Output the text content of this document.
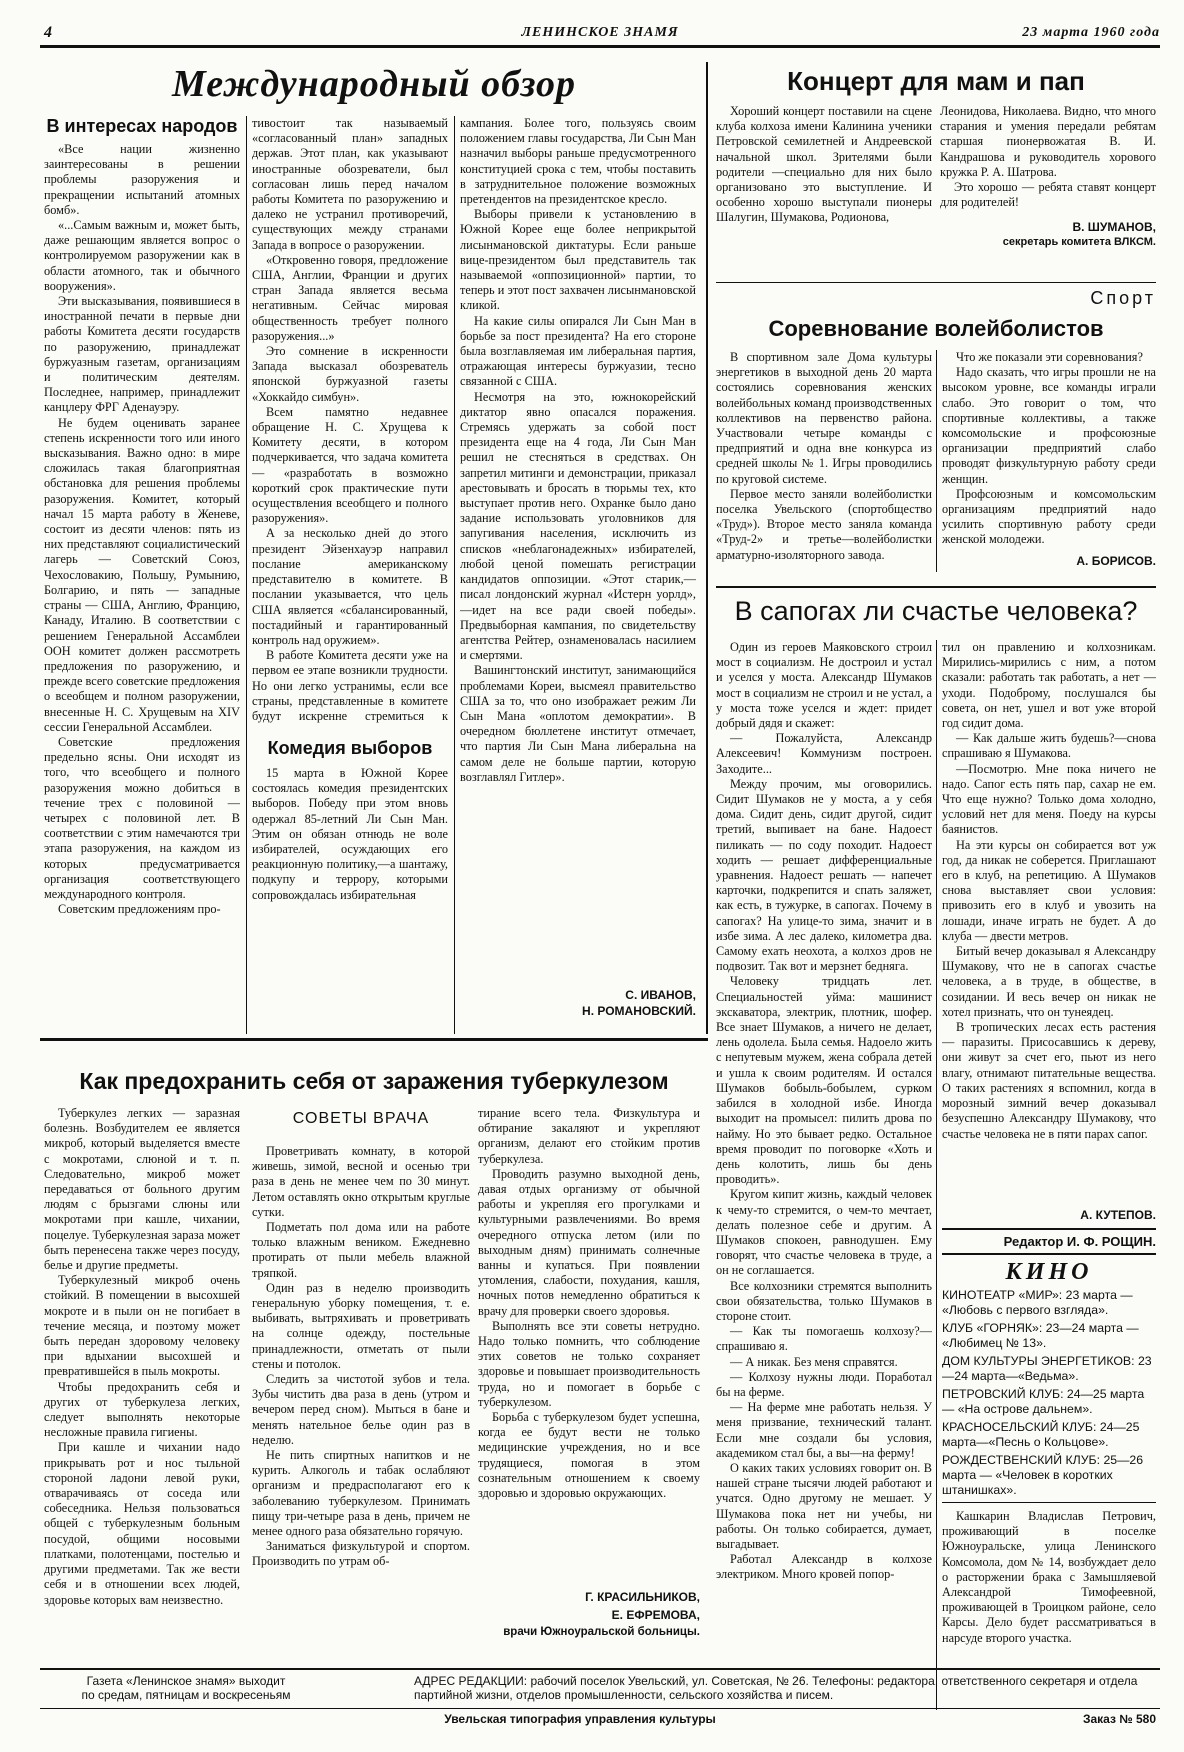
4	ЛЕНИНСКОЕ ЗНАМЯ	23 марта 1960 года
Международный обзор
В интересах народов

«Все нации жизненно заинтересованы в решении проблемы разоружения и прекращении испытаний атомных бомб».

«...Самым важным и, может быть, даже решающим является вопрос о контролируемом разоружении как в области атомного, так и обычного вооружения».

Эти высказывания, появившиеся в иностранной печати в первые дни работы Комитета десяти государств по разоружению, принадлежат буржуазным газетам, организациям и политическим деятелям. Последнее, например, принадлежит канцлеру ФРГ Аденауэру.

Не будем оценивать заранее степень искренности того или иного высказывания. Важно одно: в мире сложилась такая благоприятная обстановка для решения проблемы разоружения. Комитет, который начал 15 марта работу в Женеве, состоит из десяти членов: пять из них представляют социалистический лагерь — Советский Союз, Чехословакию, Польшу, Румынию, Болгарию, и пять — западные страны — США, Англию, Францию, Канаду, Италию. В соответствии с решением Генеральной Ассамблеи ООН комитет должен рассмотреть предложения по разоружению, и прежде всего советские предложения о всеобщем и полном разоружении, внесенные Н. С. Хрущевым на XIV сессии Генеральной Ассамблеи.

Советские предложения предельно ясны. Они исходят из того, что всеобщего и полного разоружения можно добиться в течение трех с половиной — четырех с половиной лет. В соответствии с этим намечаются три этапа разоружения, на каждом из которых предусматривается организация соответствующего международного контроля.

Советским предложениям про-

тивостоит так называемый «согласованный план» западных держав. Этот план, как указывают иностранные обозреватели, был согласован лишь перед началом работы Комитета по разоружению и далеко не устранил противоречий, существующих между странами Запада в вопросе о разоружении.

«Откровенно говоря, предложение США, Англии, Франции и других стран Запада является весьма негативным. Сейчас мировая общественность требует полного разоружения...»

Это сомнение в искренности Запада высказал обозреватель японской буржуазной газеты «Хоккайдо симбун».

Всем памятно недавнее обращение Н. С. Хрущева к Комитету десяти, в котором подчеркивается, что задача комитета — «разработать в возможно короткий срок практические пути осуществления всеобщего и полного разоружения».

А за несколько дней до этого президент Эйзенхауэр направил послание американскому представителю в комитете. В послании указывается, что цель США является «сбалансированный, постадийный и гарантированный контроль над оружием».

В работе Комитета десяти уже на первом ее этапе возникли трудности. Но они легко устранимы, если все страны, представленные в комитете будут искренне стремиться к

Комедия выборов

15 марта в Южной Корее состоялась комедия президентских выборов. Победу при этом вновь одержал 85-летний Ли Сын Ман. Этим он обязан отнюдь не воле избирателей, осуждающих его реакционную политику,—а шантажу, подкупу и террору, которыми сопровождалась избирательная

кампания. Более того, пользуясь своим положением главы государства, Ли Сын Ман назначил выборы раньше предусмотренного конституцией срока с тем, чтобы поставить в затруднительное положение возможных претендентов на президентское кресло.

Выборы привели к установлению в Южной Корее еще более неприкрытой лисынмановской диктатуры. Если раньше вице-президентом был представитель так называемой «оппозиционной» партии, то теперь и этот пост захвачен лисынмановской кликой.

На какие силы опирался Ли Сын Ман в борьбе за пост президента? На его стороне была возглавляемая им либеральная партия, отражающая интересы буржуазии, тесно связанной с США.

Несмотря на это, южнокорейский диктатор явно опасался поражения. Стремясь удержать за собой пост президента еще на 4 года, Ли Сын Ман решил не стесняться в средствах. Он запретил митинги и демонстрации, приказал арестовывать и бросать в тюрьмы тех, кто выступает против него. Охранке было дано задание использовать уголовников для запугивания населения, исключить из списков «неблагонадежных» избирателей, любой ценой помешать регистрации кандидатов оппозиции. «Этот старик,—писал лондонский журнал «Истерн уорлд»,—идет на все ради своей победы». Предвыборная кампания, по свидетельству агентства Рейтер, ознаменовалась насилием и смертями.

Вашингтонский институт, занимающийся проблемами Кореи, высмеял правительство США за то, что оно изображает режим Ли Сын Мана «оплотом демократии». В очередном бюллетене институт отмечает, что партия Ли Сын Мана либеральна на самом деле не больше партии, которую возглавлял Гитлер».

С. ИВАНОВ,
Н. РОМАНОВСКИЙ.
Концерт для мам и пап

Хороший концерт поставили на сцене клуба колхоза имени Калинина ученики Петровской семилетней и Андреевской начальной школ. Зрителями были родители —специально для них было организовано это выступление. И особенно хорошо выступали пионеры Шалугин, Шумакова, Родионова,

Леонидова, Николаева. Видно, что много старания и умения передали ребятам старшая пионервожатая В. И. Кандрашова и руководитель хорового кружка Р. А. Шатрова.

Это хорошо — ребята ставят концерт для родителей!

В. ШУМАНОВ,
секретарь комитета ВЛКСМ.
Спорт
Соревнование волейболистов

В спортивном зале Дома культуры энергетиков в выходной день 20 марта состоялись соревнования женских волейбольных команд производственных коллективов на первенство района. Участвовали четыре команды с предприятий и одна вне конкурса из средней школы № 1. Игры проводились по круговой системе.

Первое место заняли волейболистки поселка Увельского (спортобщество «Труд»). Второе место заняла команда «Труд-2» и третье—волейболистки арматурно-изоляторного завода.

Что же показали эти соревнования?

Надо сказать, что игры прошли не на высоком уровне, все команды играли слабо. Это говорит о том, что спортивные коллективы, а также комсомольские и профсоюзные организации предприятий слабо проводят физкультурную работу среди женщин.

Профсоюзным и комсомольским организациям предприятий надо усилить спортивную работу среди женской молодежи.

А. БОРИСОВ.
В сапогах ли счастье человека?

Один из героев Маяковского строил мост в социализм. Не достроил и устал и уселся у моста. Александр Шумаков мост в социализм не строил и не устал, а у моста тоже уселся и ждет: придет добрый дядя и скажет:

— Пожалуйста, Александр Алексеевич! Коммунизм построен. Заходите...

Между прочим, мы оговорились. Сидит Шумаков не у моста, а у себя дома. Сидит день, сидит другой, сидит третий, выпивает на бане. Надоест пиликать — по соду походит. Надоест ходить — решает дифференциальные уравнения. Надоест решать — напечет карточки, подкрепится и спать заляжет, как есть, в тужурке, в сапогах. Почему в сапогах? На улице-то зима, значит и в избе зима. А лес далеко, километра два. Самому ехать неохота, а колхоз дров не подвозит. Так вот и мерзнет бедняга.

Человеку тридцать лет. Специальностей уйма: машинист экскаватора, электрик, плотник, шофер. Все знает Шумаков, а ничего не делает, лень одолела. Была семья. Надоело жить с непутевым мужем, жена собрала детей и ушла к своим родителям. И остался Шумаков бобыль-бобылем, сурком забился в холодной избе. Иногда выходит на промысел: пилить дрова по найму. Но это бывает редко. Остальное время проводит по поговорке «Хоть и день колотить, лишь бы день проводить».

Кругом кипит жизнь, каждый человек к чему-то стремится, о чем-то мечтает, делать полезное себе и другим. А Шумаков спокоен, равнодушен. Ему говорят, что счастье человека в труде, а он не соглашается.

Все колхозники стремятся выполнить свои обязательства, только Шумаков в стороне стоит.

— Как ты помогаешь колхозу?—спрашиваю я.

— А никак. Без меня справятся.

— Колхозу нужны люди. Поработал бы на ферме.

— На ферме мне работать нельзя. У меня призвание, технический талант. Если мне создали бы условия, академиком стал бы, а вы—на ферму!

О каких таких условиях говорит он. В нашей стране тысячи людей работают и учатся. Одно другому не мешает. У Шумакова пока нет ни учебы, ни работы. Он только собирается, думает, выгадывает.

Работал Александр в колхозе электриком. Много кровей попор-

тил он правлению и колхозникам. Мирились-мирились с ним, а потом сказали: работать так работать, а нет — уходи. Подоброму, послушался бы совета, он нет, ушел и вот уже второй год сидит дома.

— Как дальше жить будешь?—снова спрашиваю я Шумакова.

—Посмотрю. Мне пока ничего не надо. Сапог есть пять пар, сахар не ем. Что еще нужно? Только дома холодно, условий нет для меня. Поеду на курсы баянистов.

На эти курсы он собирается вот уж год, да никак не соберется. Приглашают его в клуб, на репетицию. А Шумаков снова выставляет свои условия: привозить его в клуб и увозить на лошади, иначе играть не будет. А до клуба — двести метров.

Битый вечер доказывал я Александру Шумакову, что не в сапогах счастье человека, а в труде, в обществе, в созидании. И весь вечер он никак не хотел признать, что он тунеядец.

В тропических лесах есть растения — паразиты. Присосавшись к дереву, они живут за счет его, пьют из него влагу, отнимают питательные вещества. О таких растениях я вспомнил, когда в морозный зимний вечер доказывал безуспешно Александру Шумакову, что счастье человека не в пяти парах сапог.

А. КУТЕПОВ.
Редактор И. Ф. РОЩИН.
КИНО
КИНОТЕАТР «МИР»: 23 марта — «Любовь с первого взгляда».
КЛУБ «ГОРНЯК»: 23—24 марта — «Любимец № 13».
ДОМ КУЛЬТУРЫ ЭНЕРГЕТИКОВ: 23—24 марта—«Ведьма».
ПЕТРОВСКИЙ КЛУБ: 24—25 марта — «На острове дальнем».
КРАСНОСЕЛЬСКИЙ КЛУБ: 24—25 марта—«Песнь о Кольцове».
РОЖДЕСТВЕНСКИЙ КЛУБ: 25—26 марта — «Человек в коротких штанишках».

Кашкарин Владислав Петрович, проживающий в поселке Южноуральске, улица Ленинского Комсомола, дом № 14, возбуждает дело о расторжении брака с Замышляевой Александрой Тимофеевной, проживающей в Троицком районе, село Карсы. Дело будет рассматриваться в нарсуде второго участка.

Как предохранить себя от заражения туберкулезом

Туберкулез легких — заразная болезнь. Возбудителем ее является микроб, который выделяется вместе с мокротами, слюной и т. п. Следовательно, микроб может передаваться от больного другим людям с брызгами слюны или мокротами при кашле, чихании, поцелуе. Туберкулезная зараза может быть перенесена также через посуду, белье и другие предметы.

Туберкулезный микроб очень стойкий. В помещении в высохшей мокроте и в пыли он не погибает в течение месяца, и поэтому может быть передан здоровому человеку при вдыхании высохшей и превратившейся в пыль мокроты.

Чтобы предохранить себя и других от туберкулеза легких, следует выполнять некоторые несложные правила гигиены.

При кашле и чихании надо прикрывать рот и нос тыльной стороной ладони левой руки, отварачиваясь от соседа или собеседника. Нельзя пользоваться общей с туберкулезным больным посудой, общими носовыми платками, полотенцами, постелью и другими предметами. Так же вести себя и в отношении всех людей, здоровье которых вам неизвестно.

СОВЕТЫ ВРАЧА

Проветривать комнату, в которой живешь, зимой, весной и осенью три раза в день не менее чем по 30 минут. Летом оставлять окно открытым круглые сутки.

Подметать пол дома или на работе только влажным веником. Ежедневно протирать от пыли мебель влажной тряпкой.

Один раз в неделю производить генеральную уборку помещения, т. е. выбивать, вытряхивать и проветривать на солнце одежду, постельные принадлежности, отметать от пыли стены и потолок.

Следить за чистотой зубов и тела. Зубы чистить два раза в день (утром и вечером перед сном). Мыться в бане и менять нательное белье один раз в неделю.

Не пить спиртных напитков и не курить. Алкоголь и табак ослабляют организм и предрасполагают его к заболеванию туберкулезом. Принимать пищу три-четыре раза в день, причем не менее одного раза обязательно горячую.

Заниматься физкультурой и спортом. Производить по утрам об-

тирание всего тела. Физкультура и обтирание закаляют и укрепляют организм, делают его стойким против туберкулеза.

Проводить разумно выходной день, давая отдых организму от обычной работы и укрепляя его прогулками и культурными развлечениями. Во время очередного отпуска летом (или по выходным дням) принимать солнечные ванны и купаться. При появлении утомления, слабости, похудания, кашля, ночных потов немедленно обратиться к врачу для проверки своего здоровья.

Выполнять все эти советы нетрудно. Надо только помнить, что соблюдение этих советов не только сохраняет здоровье и повышает производительность труда, но и помогает в борьбе с туберкулезом.

Борьба с туберкулезом будет успешна, когда ее будут вести не только медицинские учреждения, но и все трудящиеся, помогая в этом сознательным отношением к своему здоровью и здоровью окружающих.

Г. КРАСИЛЬНИКОВ,
Е. ЕФРЕМОВА,
врачи Южноуральской больницы.
Газета «Ленинское знамя» выходит
по средам, пятницам и воскресеньям
АДРЕС РЕДАКЦИИ: рабочий поселок Увельский, ул. Советская, № 26. Телефоны: редактора, ответственного секретаря и отдела партийной жизни, отделов промышленности, сельского хозяйства и писем.
Увельская типография управления культуры	Заказ № 580
